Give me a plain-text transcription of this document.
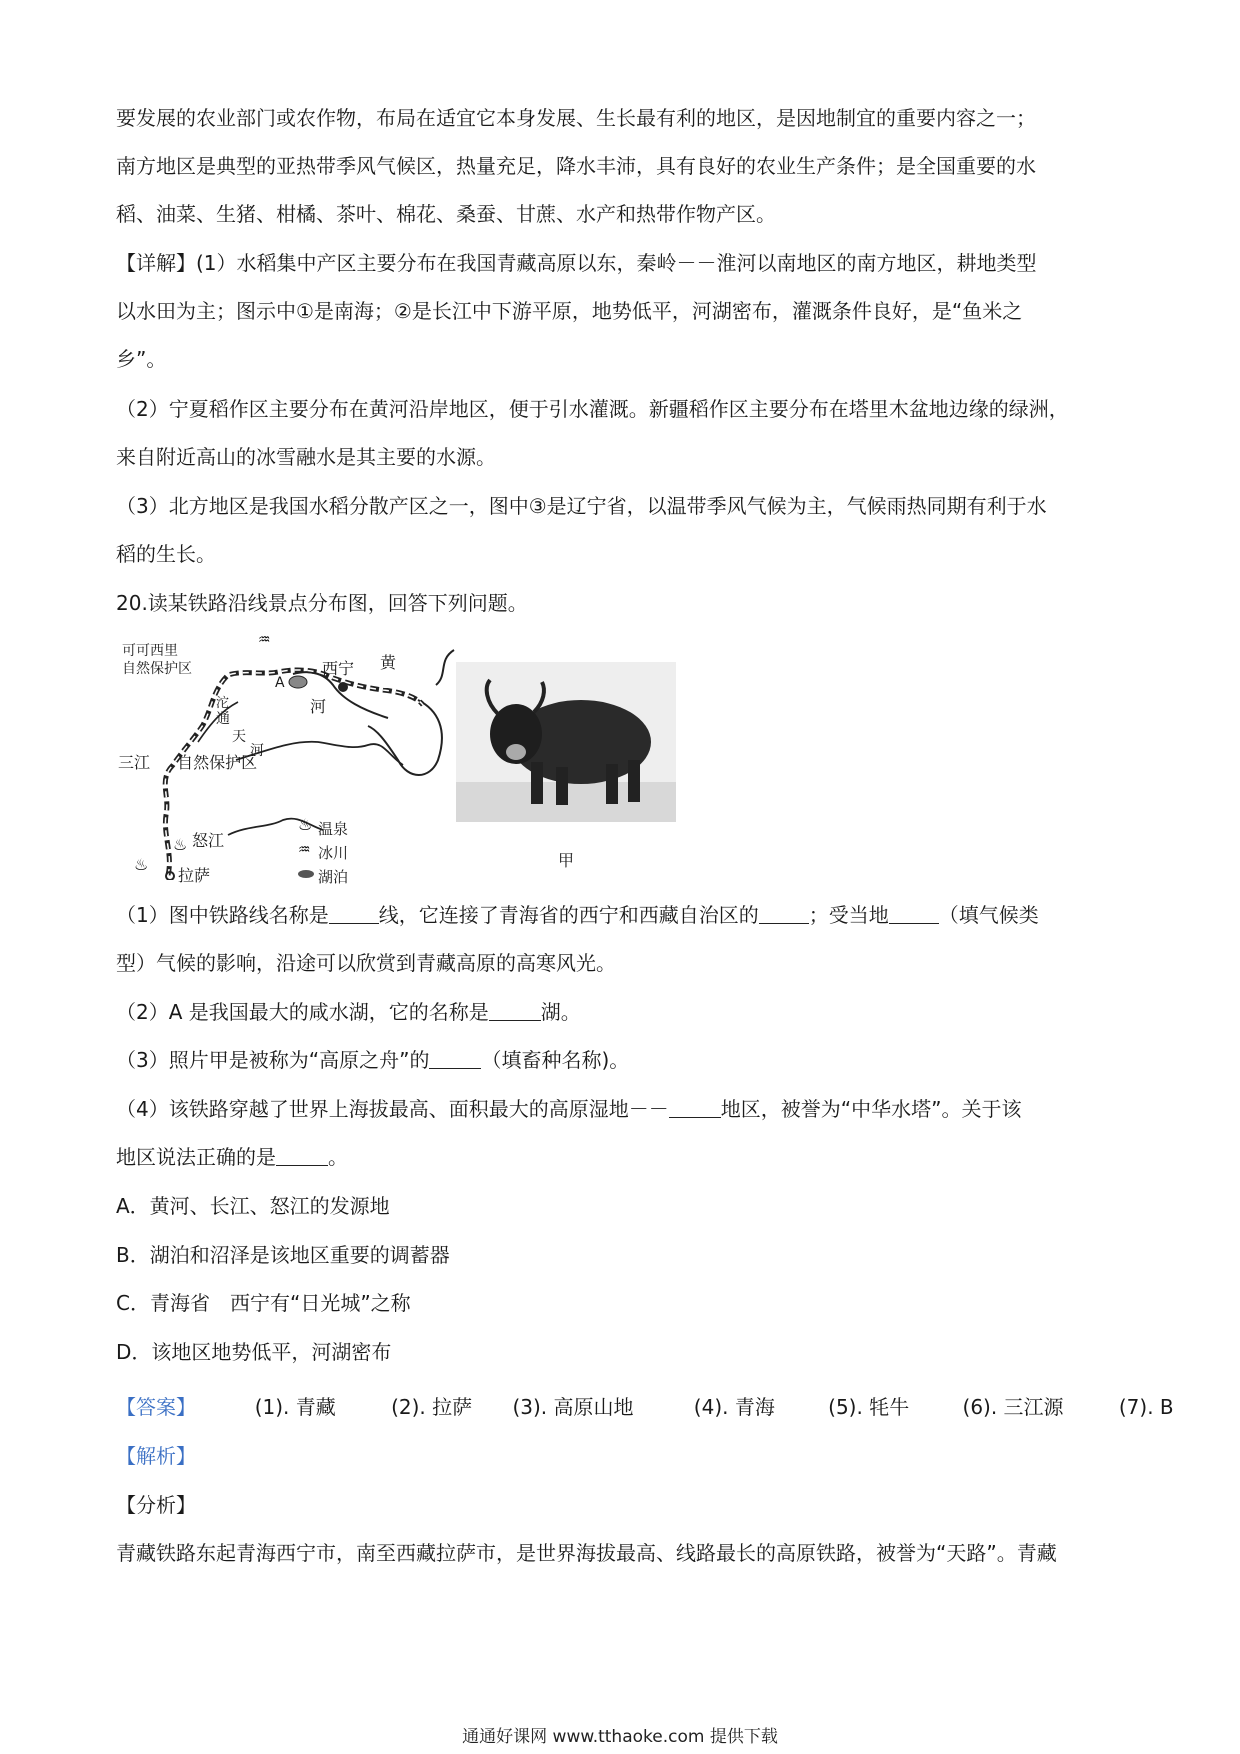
要发展的农业部门或农作物，布局在适宜它本身发展、生长最有利的地区，是因地制宜的重要内容之一；
南方地区是典型的亚热带季风气候区，热量充足，降水丰沛，具有良好的农业生产条件；是全国重要的水
稻、油菜、生猪、柑橘、茶叶、棉花、桑蚕、甘蔗、水产和热带作物产区。
【详解】(1）水稻集中产区主要分布在我国青藏高原以东，秦岭－－淮河以南地区的南方地区，耕地类型
以水田为主；图示中①是南海；②是长江中下游平原，地势低平，河湖密布，灌溉条件良好，是“鱼米之
乡”。
（2）宁夏稻作区主要分布在黄河沿岸地区，便于引水灌溉。新疆稻作区主要分布在塔里木盆地边缘的绿洲，
来自附近高山的冰雪融水是其主要的水源。
（3）北方地区是我国水稻分散产区之一，图中③是辽宁省，以温带季风气候为主，气候雨热同期有利于水
稻的生长。
20.读某铁路沿线景点分布图，回答下列问题。
♒
♨
♨
♨
♒
可可西里
自然保护区
三江 自然保护区
西宁 黄
河
A
沱
通
天
河
怒江
拉萨
温泉
冰川
湖泊
甲
（1）图中铁路线名称是	线，它连接了青海省的西宁和西藏自治区的	；受当地	（填气候类
型）气候的影响，沿途可以欣赏到青藏高原的高寒风光。
（2）A 是我国最大的咸水湖，它的名称是	湖。
（3）照片甲是被称为“高原之舟”的	（填畜种名称)。
（4）该铁路穿越了世界上海拔最高、面积最大的高原湿地－－	地区，被誉为“中华水塔”。关于该
地区说法正确的是	。
A．黄河、长江、怒江的发源地
B．湖泊和沼泽是该地区重要的调蓄器
C．青海省　西宁有“日光城”之称
D．该地区地势低平，河湖密布
【答案】	(1). 青藏	(2). 拉萨 (3). 高原山地	(4). 青海	(5). 牦牛	(6). 三江源	(7). B
【解析】
【分析】
青藏铁路东起青海西宁市，南至西藏拉萨市，是世界海拔最高、线路最长的高原铁路，被誉为“天路”。青藏
通通好课网 www.tthaoke.com 提供下载
